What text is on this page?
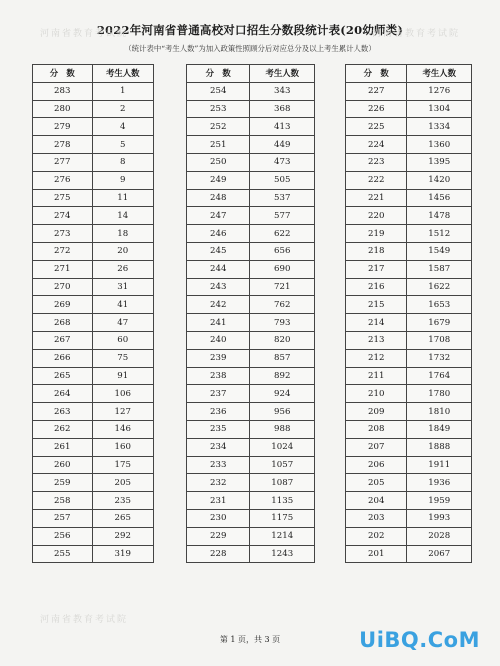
2022年河南省普通高校对口招生分数段统计表(20幼师类)
（统计表中“考生人数”为加入政策性照顾分后对应总分及以上考生累计人数）
河南省教育考试院	河南省教育考试院
河南省教育考试院
分　数	考生人数
283	1
280	2
279	4
278	5
277	8
276	9
275	11
274	14
273	18
272	20
271	26
270	31
269	41
268	47
267	60
266	75
265	91
264	106
263	127
262	146
261	160
260	175
259	205
258	235
257	265
256	292
255	319
分　数	考生人数
254	343
253	368
252	413
251	449
250	473
249	505
248	537
247	577
246	622
245	656
244	690
243	721
242	762
241	793
240	820
239	857
238	892
237	924
236	956
235	988
234	1024
233	1057
232	1087
231	1135
230	1175
229	1214
228	1243
分　数	考生人数
227	1276
226	1304
225	1334
224	1360
223	1395
222	1420
221	1456
220	1478
219	1512
218	1549
217	1587
216	1622
215	1653
214	1679
213	1708
212	1732
211	1764
210	1780
209	1810
208	1849
207	1888
206	1911
205	1936
204	1959
203	1993
202	2028
201	2067
第 1 页，共 3 页	UiBQ.CoM
